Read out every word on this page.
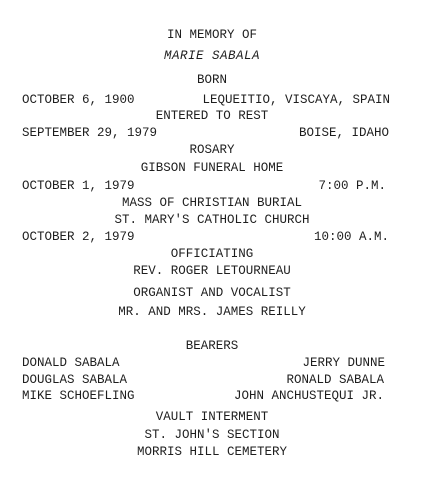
IN MEMORY OF
MARIE SABALA
BORN
OCTOBER 6, 1900	LEQUEITIO, VISCAYA, SPAIN
ENTERED TO REST
SEPTEMBER 29, 1979	BOISE, IDAHO
ROSARY
GIBSON FUNERAL HOME
OCTOBER 1, 1979	7:00 P.M.
MASS OF CHRISTIAN BURIAL
ST. MARY'S CATHOLIC CHURCH
OCTOBER 2, 1979	10:00 A.M.
OFFICIATING
REV. ROGER LETOURNEAU
ORGANIST AND VOCALIST
MR. AND MRS. JAMES REILLY
BEARERS
DONALD SABALA	JERRY DUNNE
DOUGLAS SABALA	RONALD SABALA
MIKE SCHOEFLING	JOHN ANCHUSTEQUI JR.
VAULT INTERMENT
ST. JOHN'S SECTION
MORRIS HILL CEMETERY
